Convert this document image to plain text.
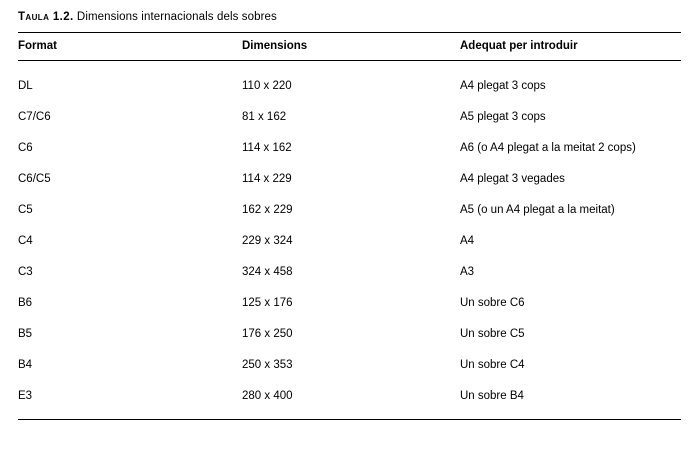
Taula 1.2. Dimensions internacionals dels sobres
Format	Dimensions	Adequat per introduir
DL	110 x 220	A4 plegat 3 cops
C7/C6	81 x 162	A5 plegat 3 cops
C6	114 x 162	A6 (o A4 plegat a la meitat 2 cops)
C6/C5	114 x 229	A4 plegat 3 vegades
C5	162 x 229	A5 (o un A4 plegat a la meitat)
C4	229 x 324	A4
C3	324 x 458	A3
B6	125 x 176	Un sobre C6
B5	176 x 250	Un sobre C5
B4	250 x 353	Un sobre C4
E3	280 x 400	Un sobre B4
